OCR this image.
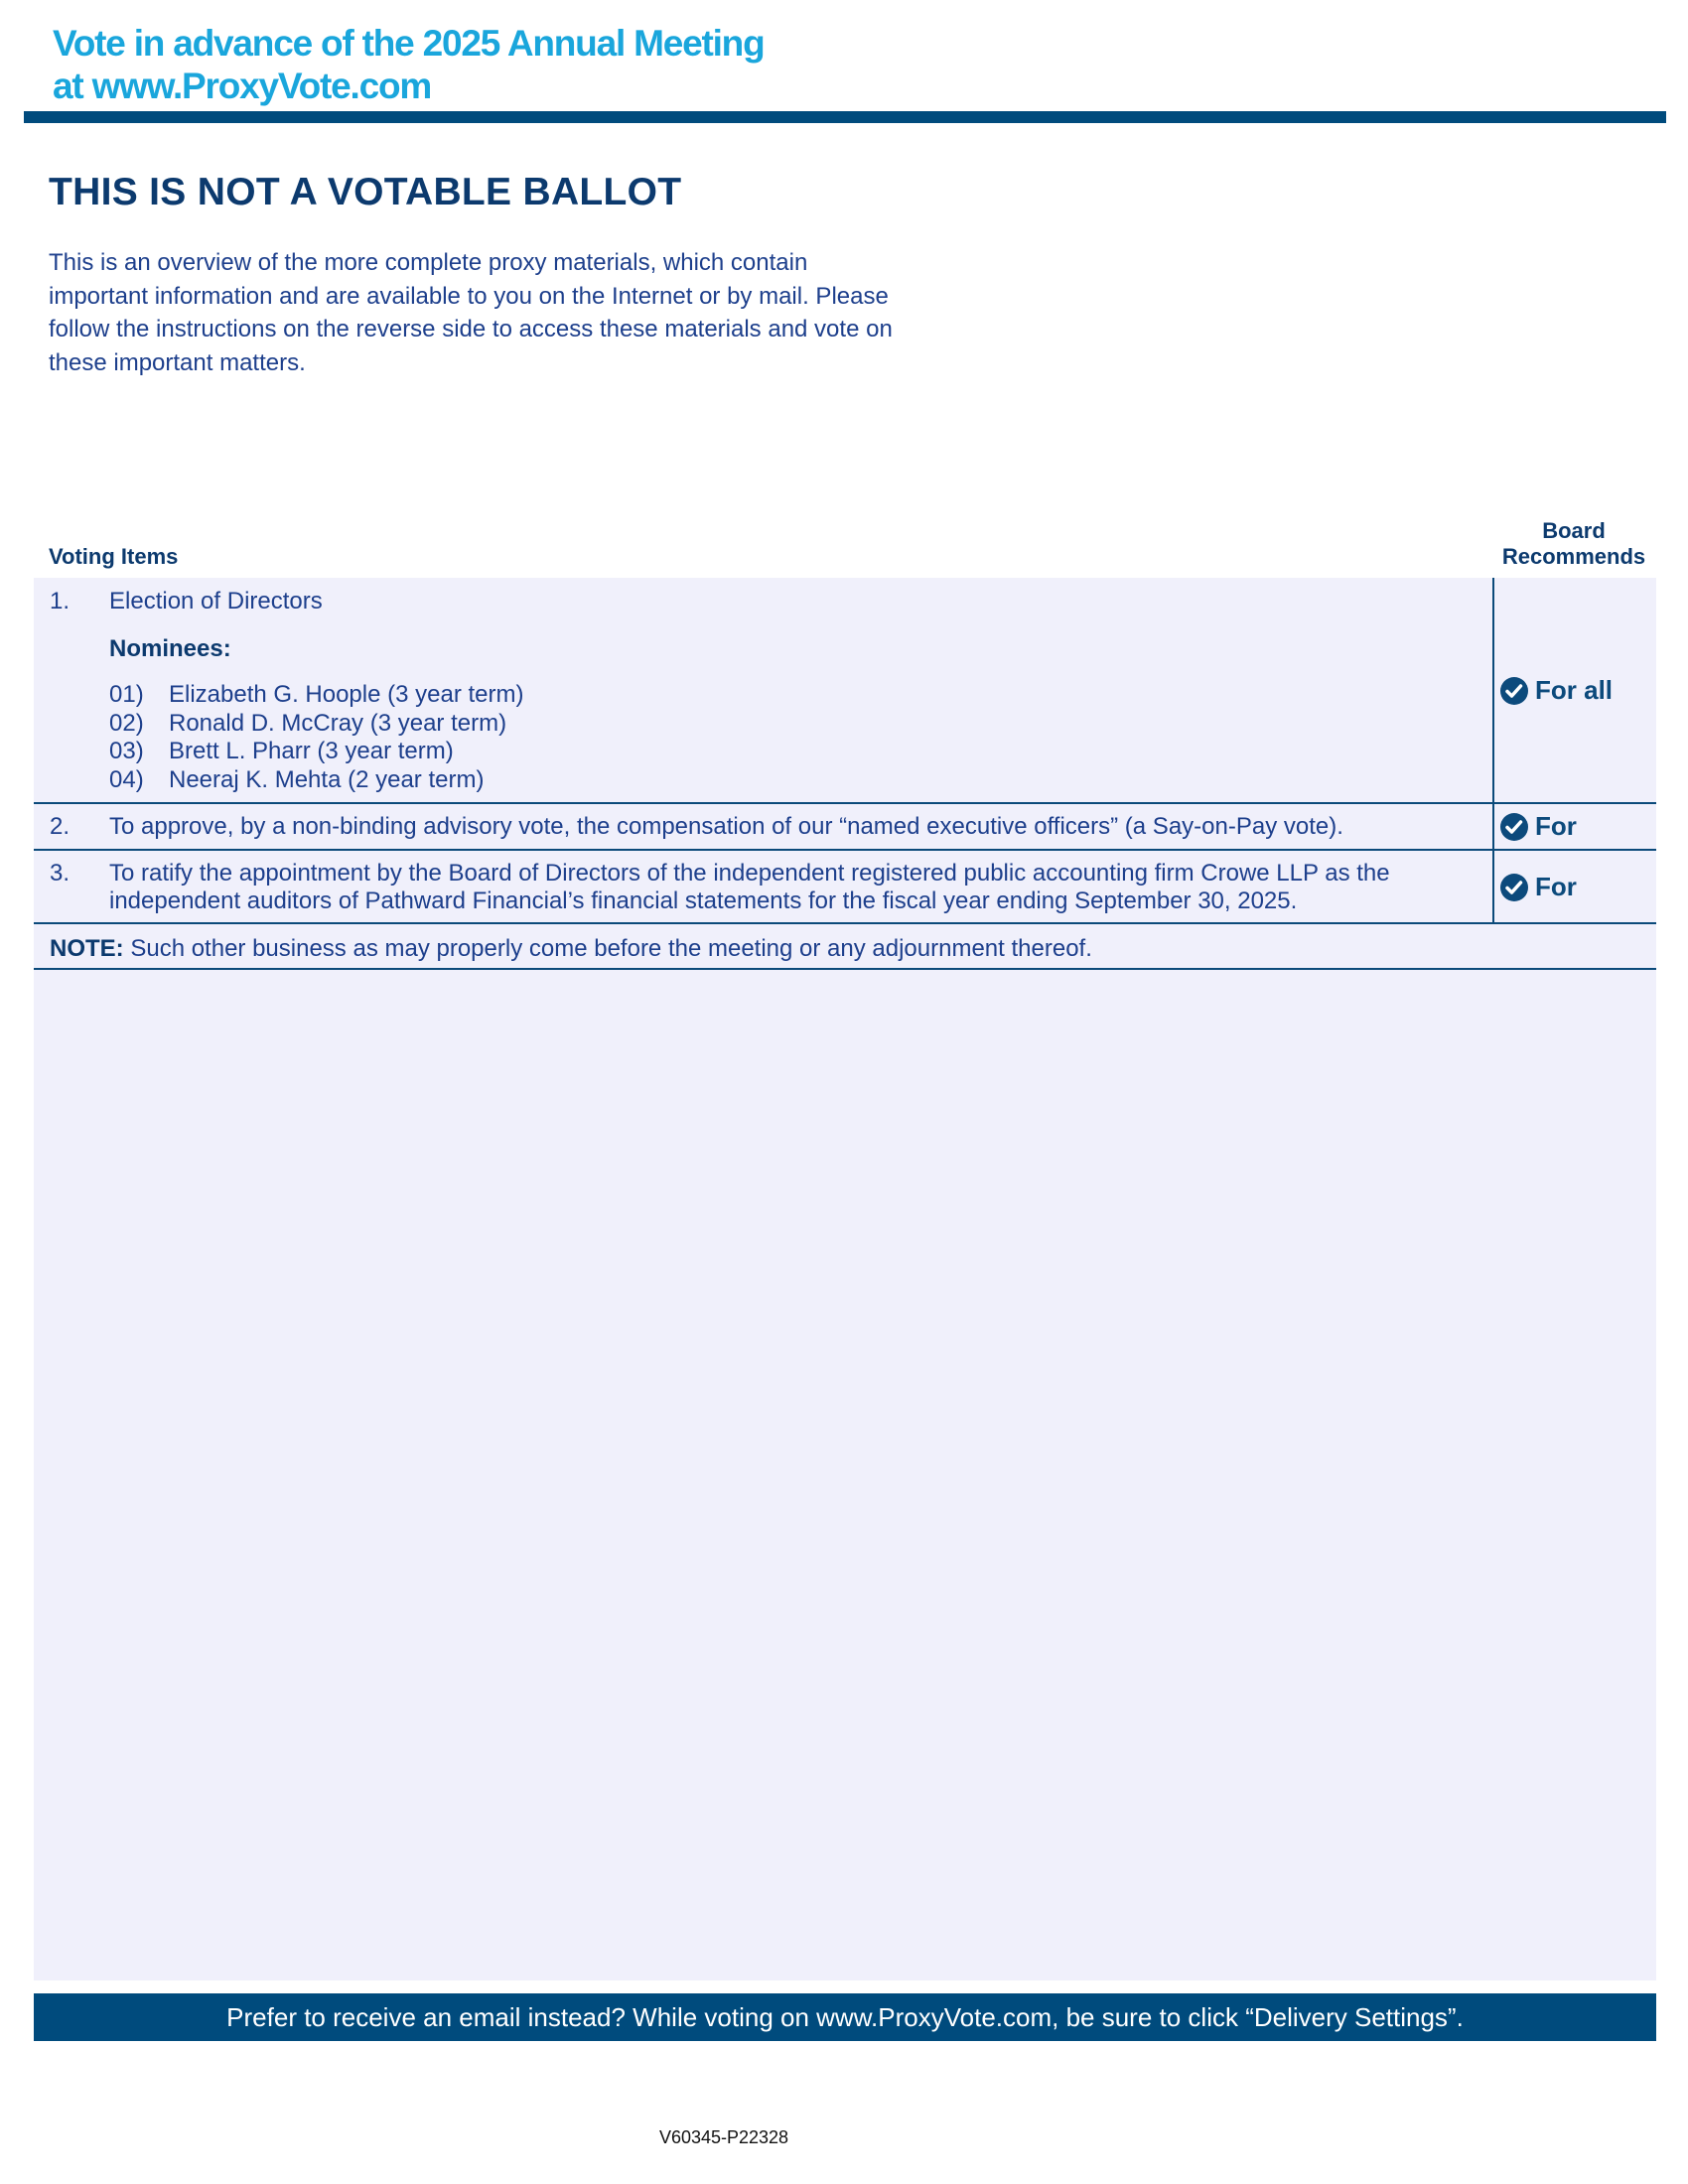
Vote in advance of the 2025 Annual Meeting
at www.ProxyVote.com
THIS IS NOT A VOTABLE BALLOT
This is an overview of the more complete proxy materials, which contain important information and are available to you on the Internet or by mail. Please follow the instructions on the reverse side to access these materials and vote on these important matters.
Voting Items
Board
Recommends
1. Election of Directors
Nominees:
01)	Elizabeth G. Hoople (3 year term)
02)	Ronald D. McCray (3 year term)
03)	Brett L. Pharr (3 year term)
04)	Neeraj K. Mehta (2 year term)
For all
2. To approve, by a non-binding advisory vote, the compensation of our “named executive officers” (a Say-on-Pay vote).	For
3. To ratify the appointment by the Board of Directors of the independent registered public accounting firm Crowe LLP as the independent auditors of Pathward Financial’s financial statements for the fiscal year ending September 30, 2025.	For
NOTE: Such other business as may properly come before the meeting or any adjournment thereof.
Prefer to receive an email instead? While voting on www.ProxyVote.com, be sure to click “Delivery Settings”.
V60345-P22328
